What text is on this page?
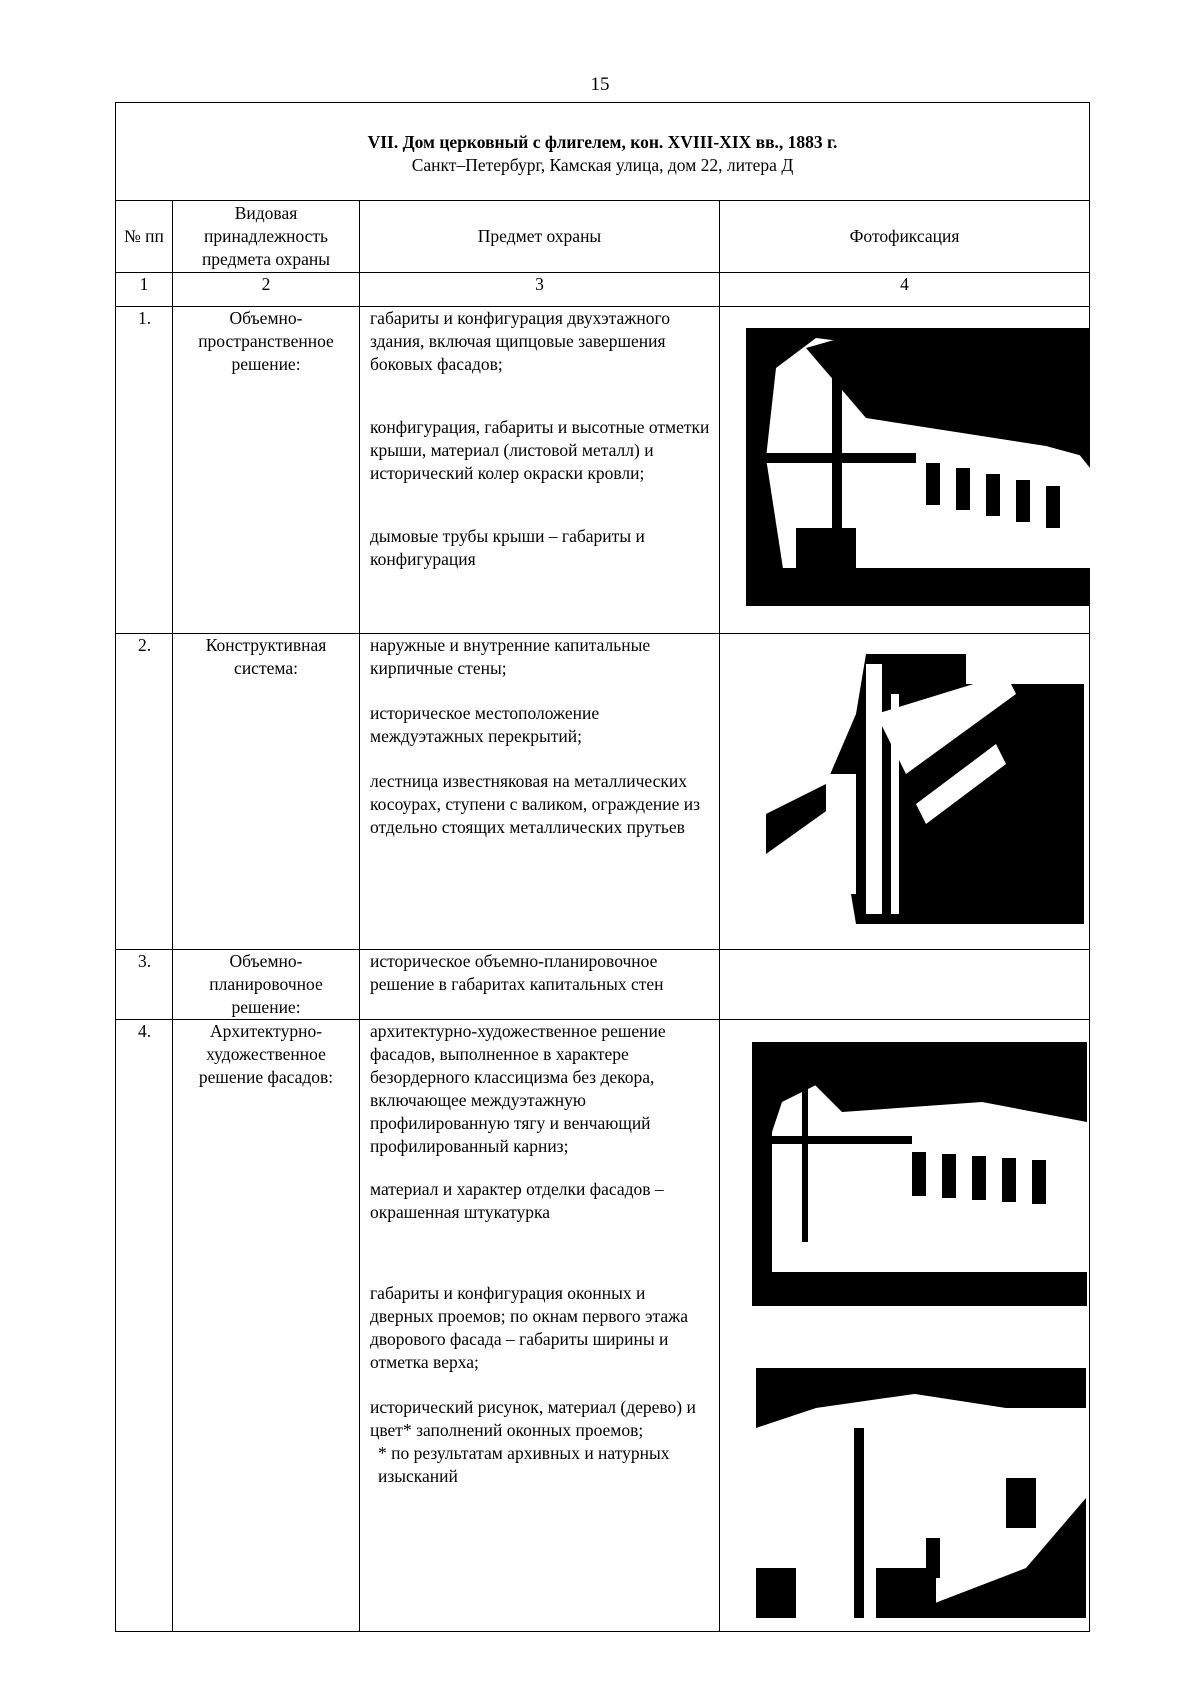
15
VII. Дом церковный с флигелем, кон. XVIII-XIX вв., 1883 г.
Санкт–Петербург, Камская улица, дом 22, литера Д			

№ пп	Видовая принадлежность предмета охраны	Предмет охраны	Фотофиксация
1	2	3	4
1.	Объемно-пространственное решение:	габариты и конфигурация двухэтажного здания, включая щипцовые завершения боковых фасадов;
конфигурация, габариты и высотные отметки крыши, материал (листовой металл) и исторический колер окраски кровли;
дымовые трубы крыши – габариты и конфигурация

2.	Конструктивная система:	наружные и внутренние капитальные кирпичные стены;
историческое местоположение междуэтажных перекрытий;
лестница известняковая на металлических косоурах, ступени с валиком, ограждение из отдельно стоящих металлических прутьев

3.	Объемно-планировочное решение:	историческое объемно-планировочное решение в габаритах капитальных стен	

4.	Архитектурно-художественное решение фасадов:	архитектурно-художественное решение фасадов, выполненное в характере безордерного классицизма без декора, включающее междуэтажную профилированную тягу и венчающий профилированный карниз;
материал и характер отделки фасадов – окрашенная штукатурка
габариты и конфигурация оконных и дверных проемов; по окнам первого этажа дворового фасада – габариты ширины и отметка верха;
исторический рисунок, материал (дерево) и цвет* заполнений оконных проемов;
* по результатам архивных и натурных изысканий
